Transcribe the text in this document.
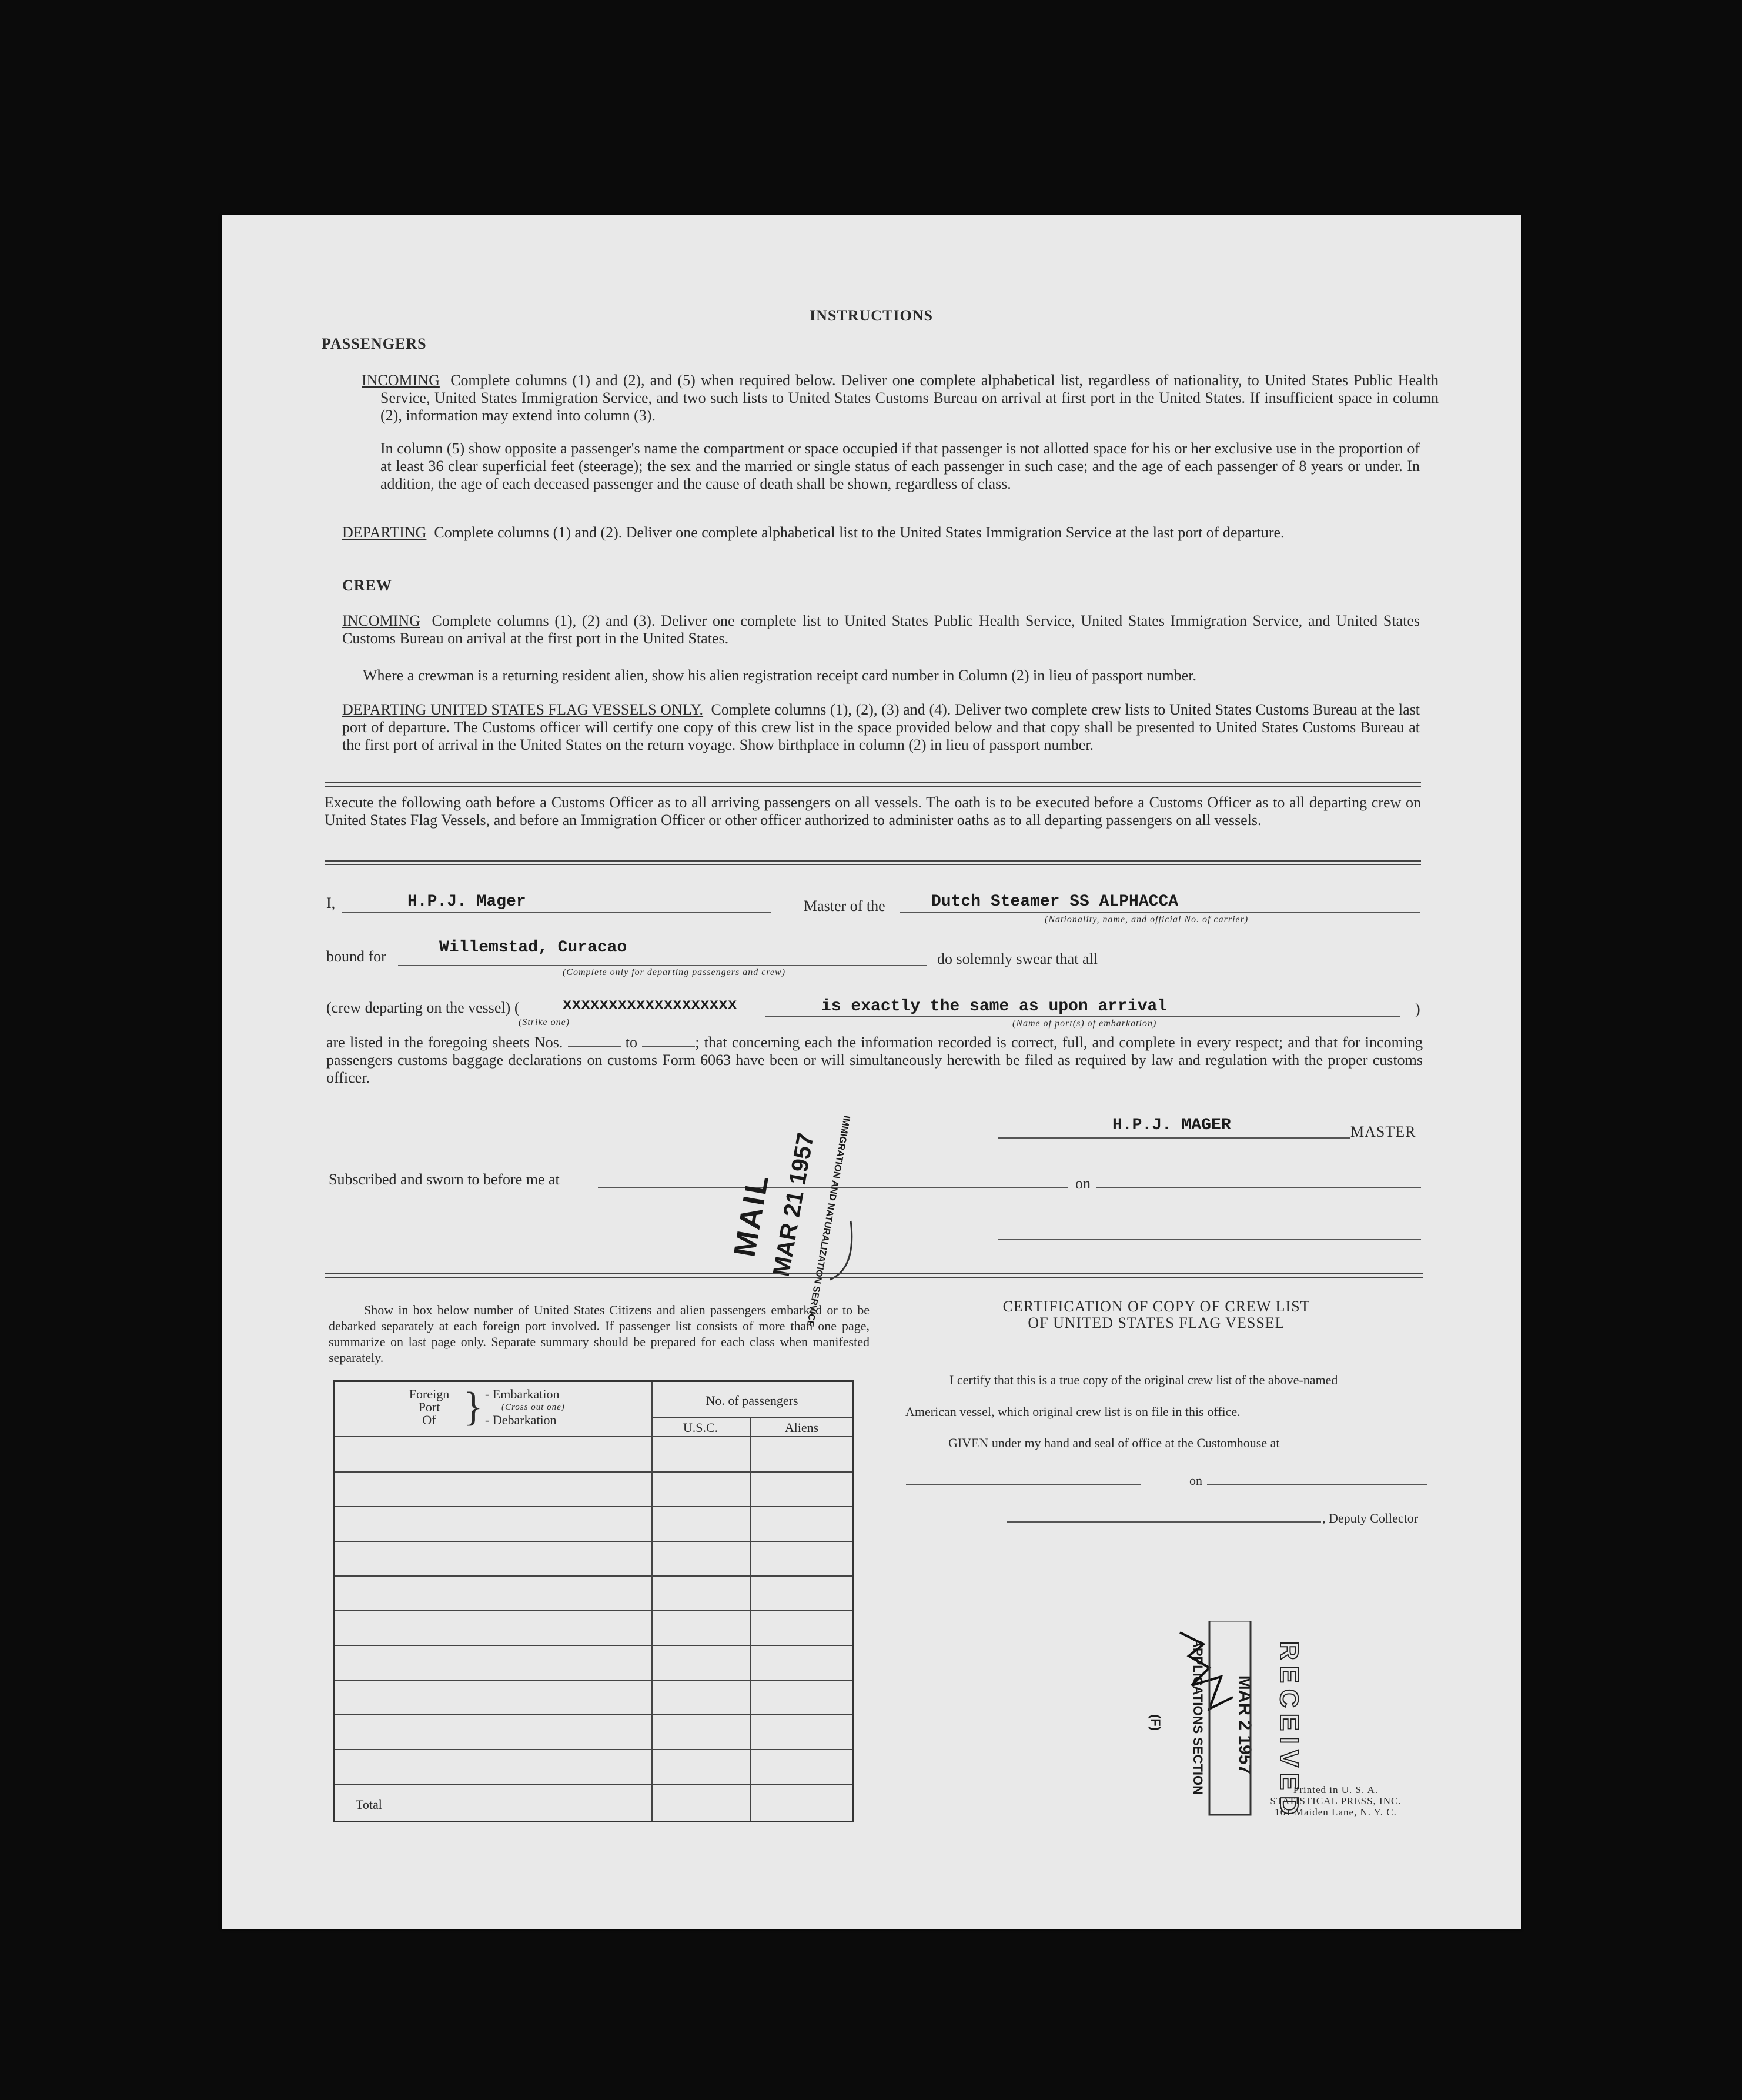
INSTRUCTIONS
PASSENGERS
INCOMING Complete columns (1) and (2), and (5) when required below. Deliver one complete alphabetical list, regardless of nationality, to United States Public Health Service, United States Immigration Service, and two such lists to United States Customs Bureau on arrival at first port in the United States. If insufficient space in column (2), information may extend into column (3).
In column (5) show opposite a passenger's name the compartment or space occupied if that passenger is not allotted space for his or her exclusive use in the proportion of at least 36 clear superficial feet (steerage); the sex and the married or single status of each passenger in such case; and the age of each passenger of 8 years or under. In addition, the age of each deceased passenger and the cause of death shall be shown, regardless of class.
DEPARTING Complete columns (1) and (2). Deliver one complete alphabetical list to the United States Immigration Service at the last port of departure.
CREW
INCOMING Complete columns (1), (2) and (3). Deliver one complete list to United States Public Health Service, United States Immigration Service, and United States Customs Bureau on arrival at the first port in the United States.
Where a crewman is a returning resident alien, show his alien registration receipt card number in Column (2) in lieu of passport number.
DEPARTING UNITED STATES FLAG VESSELS ONLY. Complete columns (1), (2), (3) and (4). Deliver two complete crew lists to United States Customs Bureau at the last port of departure. The Customs officer will certify one copy of this crew list in the space provided below and that copy shall be presented to United States Customs Bureau at the first port of arrival in the United States on the return voyage. Show birthplace in column (2) in lieu of passport number.
Execute the following oath before a Customs Officer as to all arriving passengers on all vessels. The oath is to be executed before a Customs Officer as to all departing crew on United States Flag Vessels, and before an Immigration Officer or other officer authorized to administer oaths as to all departing passengers on all vessels.
I,	H.P.J. Mager	Master of the	Dutch Steamer SS ALPHACCA
(Nationality, name, and official No. of carrier)
bound for	Willemstad, Curacao
(Complete only for departing passengers and crew)
do solemnly swear that all
(crew departing on the vessel) (	xxxxxxxxxxxxxxxxxxx
(Strike one)
is exactly the same as upon arrival
(Name of port(s) of embarkation)
)
are listed in the foregoing sheets Nos.	to	; that concerning each the information recorded is correct, full, and complete in every respect; and that for incoming passengers customs baggage declarations on customs Form 6063 have been or will simultaneously herewith be filed as required by law and regulation with the proper customs officer.
H.P.J. MAGER	MASTER
Subscribed and sworn to before me at	on
MAIL
MAR 21 1957
IMMIGRATION AND NATURALIZATION SERVICE
Show in box below number of United States Citizens and alien passengers embarked or to be debarked separately at each foreign port involved. If passenger list consists of more than one page, summarize on last page only. Separate summary should be prepared for each class when manifested separately.
Foreign
Port
Of } - Embarkation
(Cross out one)
- Debarkation
No. of passengers
U.S.C.	Aliens
Total
CERTIFICATION OF COPY OF CREW LIST
OF UNITED STATES FLAG VESSEL
I certify that this is a true copy of the original crew list of the above-named
American vessel, which original crew list is on file in this office.
GIVEN under my hand and seal of office at the Customhouse at
on
, Deputy Collector
APPLICATIONS SECTION
(F)	MAR 2 1957 RECEIVED
Printed in U. S. A.
STATISTICAL PRESS, INC.
161 Maiden Lane, N. Y. C.
